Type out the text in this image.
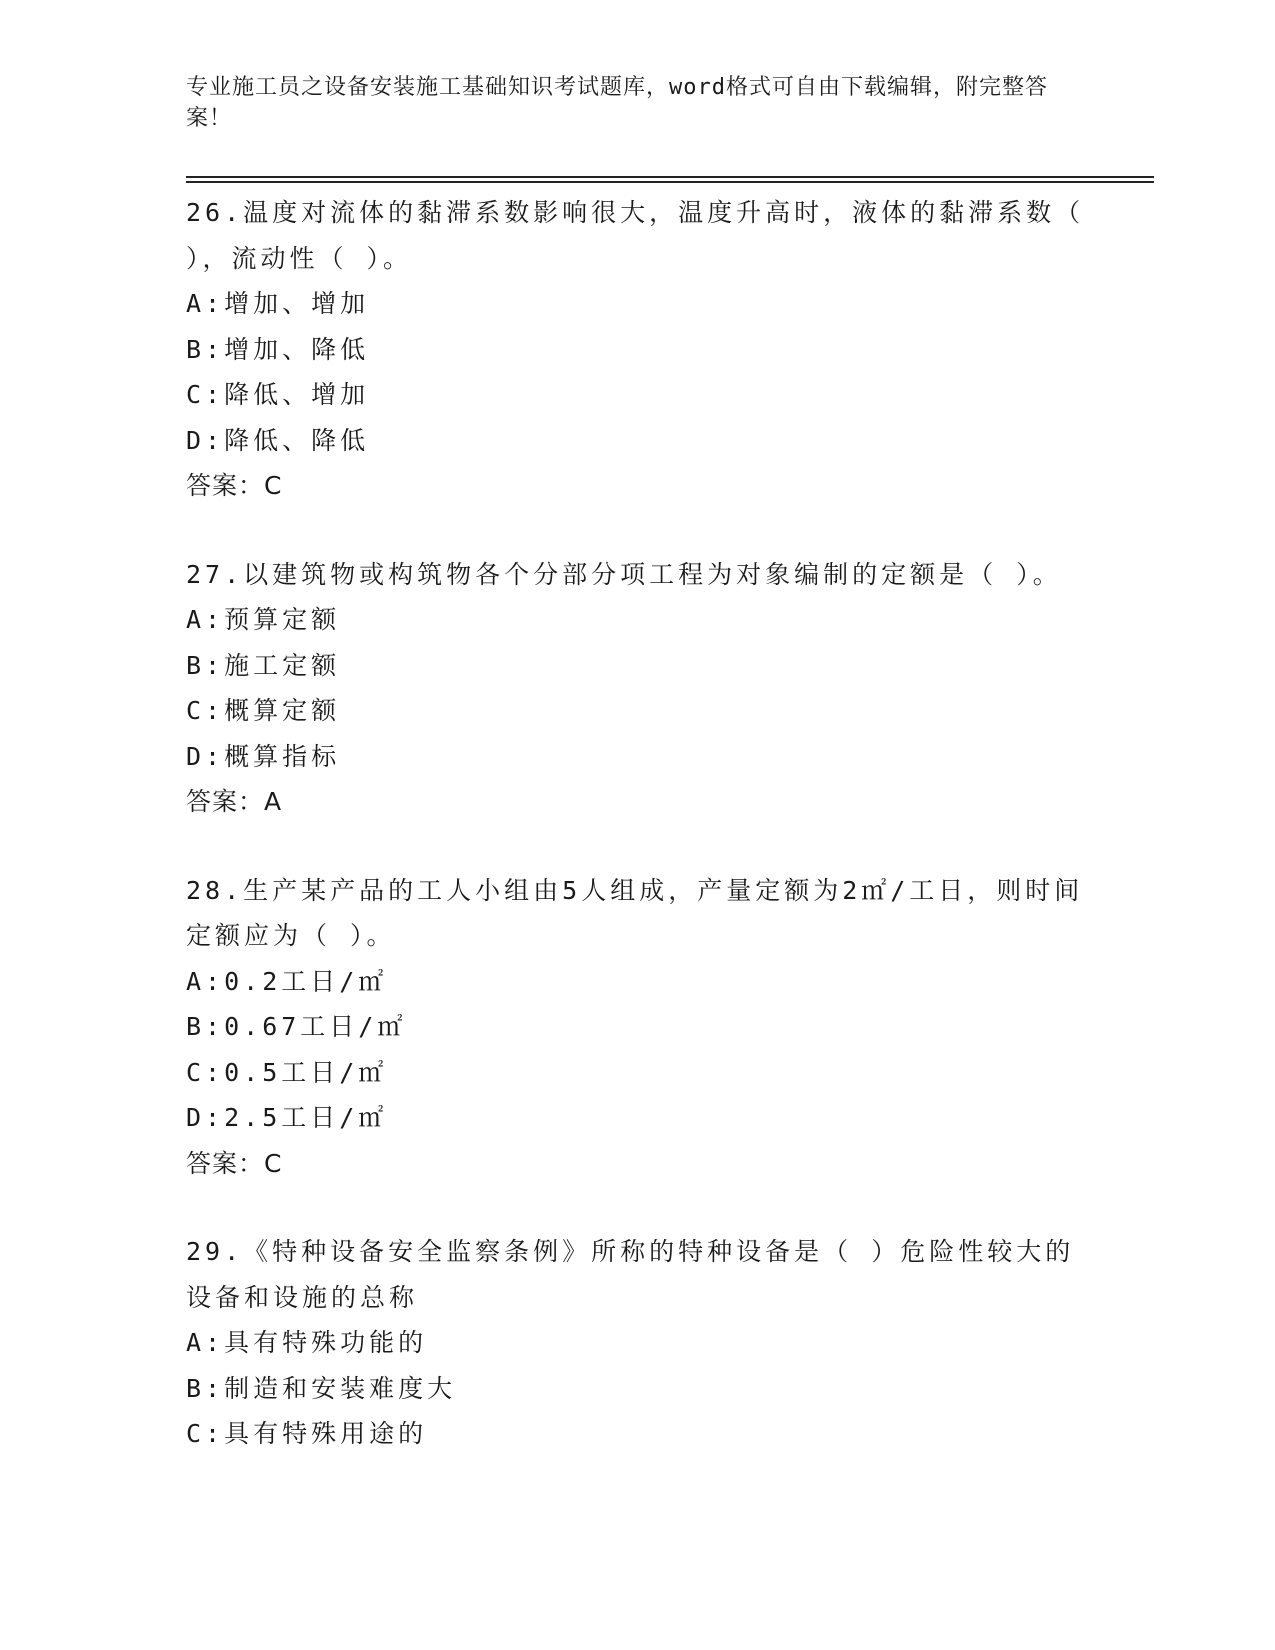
专业施工员之设备安装施工基础知识考试题库，word格式可自由下载编辑，附完整答案！
26.温度对流体的黏滞系数影响很大，温度升高时，液体的黏滞系数（ ），流动性（ ）。
A:增加、增加
B:增加、降低
C:降低、增加
D:降低、降低
答案：C
27.以建筑物或构筑物各个分部分项工程为对象编制的定额是（ ）。
A:预算定额
B:施工定额
C:概算定额
D:概算指标
答案：A
28.生产某产品的工人小组由5人组成，产量定额为2㎡/工日，则时间定额应为（ ）。
A:0.2工日/㎡
B:0.67工日/㎡
C:0.5工日/㎡
D:2.5工日/㎡
答案：C
29.《特种设备安全监察条例》所称的特种设备是（ ）危险性较大的设备和设施的总称
A:具有特殊功能的
B:制造和安装难度大
C:具有特殊用途的
